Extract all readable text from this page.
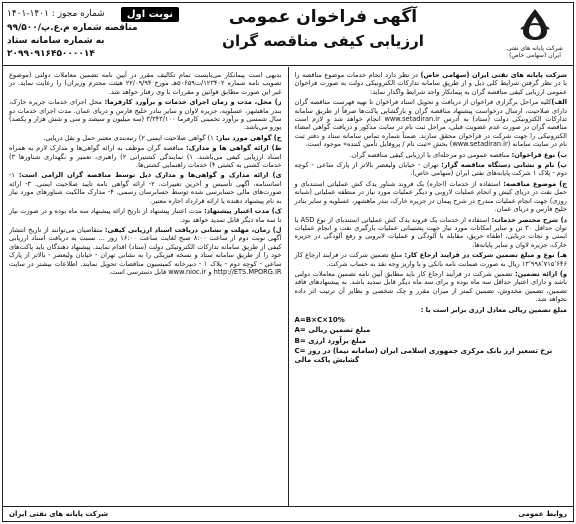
شرکت پایانه های نفتی ایران (سهامی خاص)
آگهی فراخوان عمومی
ارزیابی کیفی مناقصه گران
نوبت اول
شماره مجوز : ۱۴۰۱-۱۴۰۱
مناقصه شماره م.ع.پ/۹۹/۵۰۰
به شماره سامانه ستاد ۲۰۹۹۰۹۱۶۴۵۰۰۰۰۱۴

شرکت پایانه های نفتی ایران (سهامی خاص) در نظر دارد انجام خدمات موضوع مناقصه را با در نظر گرفتن شرایط کلی ذیل و از طریق سامانه تدارکات الکترونیکی دولت به صورت فراخوان عمومی ارزیابی کیفی مناقصه گران به پیمانکار واجد شرایط واگذار نماید:

الف)کلیه مراحل برگزاری فراخوان از دریافت و تحویل اسناد فراخوان تا تهیه فهرست مناقصه گران دارای صلاحیت، ارسال درخواست پیشنهاد مناقصه گران و بارگشایی پاکت‌ها صرفاً از طریق سامانه تدارکات الکترونیکی دولت (ستاد) به آدرس www.setadiran.ir انجام خواهد شد و لازم است مناقصه گران در صورت عدم عضویت قبلی، مراحل ثبت نام در سایت مذکور و دریافت گواهی امضاء الکترونیکی را جهت شرکت در فراخوان محقق سازند. ضمناً شماره تماس سامانه ستاد و دفتر ثبت نام در سایت سامانه (www.setadiran.ir) بخش «ثبت نام / پروفایل تأمین کننده» موجود است.

ب) نوع فراخوان: مناقصه عمومی دو مرحله‌ای با ارزیابی کیفی مناقصه گران.

پ) نام و نشانی دستگاه مناقصه گزار: تهران - خیابان ولیعصر بالاتر از پارک ساعی - کوچه دوم - پلاک ۱ شرکت پایانه‌های نفتی ایران (سهامی خاص).

ج) موضوع مناقصه: استفاده از خدمات (اجاره) یک فروند شناور یدک کش عملیاتی استندبای و حمل نفت در دریای کیش و انجام عملیات لاروبی و دیگر عملیات مورد نیاز در منطقه عملیاتی (شبانه روزی) جهت انجام عملیات مندرج در شرح پیمان در جزیره خارک، بندر ماهشهر، عسلویه و سایر بنادر خلیج فارس و دریای عمان.

د) شرح مختصر خدمات: استفاده از خدمات یک فروند یدک کش عملیاتی استندبای از نوع ASD با توان حداقل ۳۰ تن و سایر امکانات مورد نیاز جهت پشتیبانی عملیات بارگیری نفت و انجام عملیات ایمنی و نجات دریایی، اطفاء حریق، مقابله با آلودگی و عملیات لایروبی و رفع آلودگی در جزیره خارک، جزیره لاوان و سایر پایانه‌ها.

هـ) نوع و مبلغ تضمین شرکت در فرایند ارجاع کار: مبلغ تضمین شرکت در فرایند ارجاع کار ۱۳٬۹۹۸٬۷۱۵٬۶۴۶ ریال به صورت ضمانت نامه بانکی و یا واریز وجه نقد به حساب شرکت.

و) ارائه تضمین: تضمین شرکت در فرآیند ارجاع کار باید مطابق آیین نامه تضمین معاملات دولتی باشد و دارای اعتبار حداقل سه ماه بوده و برای سه ماه دیگر قابل تمدید باشد. به پیشنهادهای فاقد تضمین، تضمین مخدوش، تضمین کمتر از میزان مقرر و چک شخصی و نظایر آن ترتیب اثر داده نخواهد شد.

مبلغ تضمین ریالی معادل ارزی برابر است با :

A=B×C×10%
A= مبلغ تضمین ریالی
B= مبلغ برآورد ارزی
C= نرخ تسعیر ارز بانک مرکزی جمهوری اسلامی ایران (سامانه نیما) در روز گشایش پاکت مالی

بدیهی است پیمانکار می‌بایست تمام تکالیف مقرر در آیین نامه تضمین معاملات دولتی (موضوع تصویب نامه شماره ۱۲۳۴۰۲/ت۵۰۶۵۹هـ مورخ ۲۲/۰۹/۹۴ هیئت محترم وزیران) را رعایت نماید. در غیر این صورت مطابق قوانین و مقررات با وی رفتار خواهد شد.

ز) محل، مدت و زمان اجرای خدمات و برآورد کارفرما: محل اجرای خدمات جزیره خارک، بندر ماهشهر، عسلویه، جزیره لاوان و سایر بنادر خلیج فارس و دریای عمان. مدت اجرای خدمات دو سال شمسی و برآورد تخمینی کارفرما ۳/۳۴۳/۱۰۰ (سه میلیون و سیصد و سی و شش هزار و یکصد) یورو می‌باشد.

ح) گواهی مورد نیاز: ۱) گواهی صلاحیت ایمنی ۲) رتبه‌بندی معتبر حمل و نقل دریایی.

ط) ارائه گواهی ها و مدارک: مناقصه گران موظف به ارائه گواهی‌ها و مدارک لازم به همراه اسناد ارزیابی کیفی می‌باشند. ۱) نمایندگی کشتیرانی ۲) راهبری، تعمیر و نگهداری شناورها ۳) خدمات کشتی به کشتی ۴) خدمات راهنمایی کشتی‌ها.

ی) ارائه مدارک و گواهی‌ها و مدارک ذیل توسط مناقصه گران الزامی است: ۱- اساسنامه، آگهی تأسیس و آخرین تغییرات. ۲- ارائه گواهی نامه تایید صلاحیت ایمنی. ۳- ارائه صورت‌های مالی حسابرسی شده توسط حسابرسان رسمی. ۴- مدارک مالکیت شناورهای مورد نیاز به نام پیشنهاد دهنده یا ارائه قرارداد اجاره معتبر.

ک) مدت اعتبار پیشنهاد: مدت اعتبار پیشنهاد از تاریخ ارائه پیشنهاد سه ماه بوده و در صورت نیاز تا سه ماه دیگر قابل تمدید خواهد بود.

ل) زمان، مهلت و نشانی دریافت اسناد ارزیابی کیفی: متقاضیان می‌توانند از تاریخ انتشار آگهی نوبت دوم از ساعت ۸:۰۰ صبح لغایت ساعت ۱۶:۰۰ روز ... نسبت به دریافت اسناد ارزیابی کیفی از طریق سامانه تدارکات الکترونیکی دولت (ستاد) اقدام نمایند. پیشنهاد دهندگان باید پاکت‌های خود را از طریق سامانه ستاد و نسخه فیزیکی را به نشانی تهران - خیابان ولیعصر - بالاتر از پارک ساعی - کوچه دوم - پلاک ۱ - دبیرخانه کمیسیون مناقصات تحویل نمایند. اطلاعات بیشتر در سایت http://ETS.MPORG.IR و www.nioc.ir قابل دسترسی است.

روابط عمومی
شرکت پایانه های نفتی ایران
